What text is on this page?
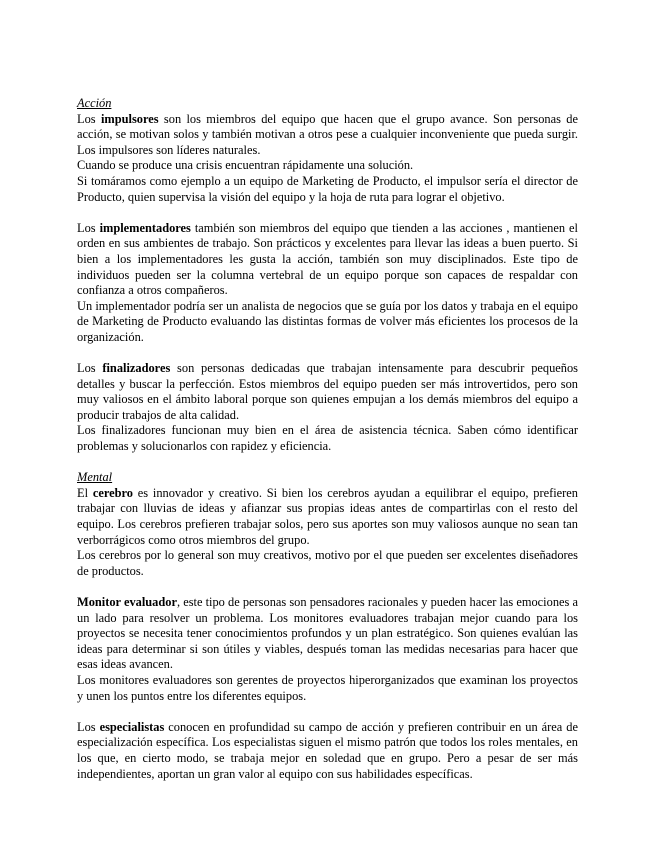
Acción

Los impulsores son los miembros del equipo que hacen que el grupo avance. Son personas de acción, se motivan solos y también motivan a otros pese a cualquier inconveniente que pueda surgir. Los impulsores son líderes naturales.

Cuando se produce una crisis encuentran rápidamente una solución.

Si tomáramos como ejemplo a un equipo de Marketing de Producto, el impulsor sería el director de Producto, quien supervisa la visión del equipo y la hoja de ruta para lograr el objetivo.

Los implementadores también son miembros del equipo que tienden a las acciones , mantienen el orden en sus ambientes de trabajo. Son prácticos y excelentes para llevar las ideas a buen puerto. Si bien a los implementadores les gusta la acción, también son muy disciplinados. Este tipo de individuos pueden ser la columna vertebral de un equipo porque son capaces de respaldar con confianza a otros compañeros.

Un implementador podría ser un analista de negocios que se guía por los datos y trabaja en el equipo de Marketing de Producto evaluando las distintas formas de volver más eficientes los procesos de la organización.

Los finalizadores son personas dedicadas que trabajan intensamente para descubrir pequeños detalles y buscar la perfección. Estos miembros del equipo pueden ser más introvertidos, pero son muy valiosos en el ámbito laboral porque son quienes empujan a los demás miembros del equipo a producir trabajos de alta calidad.

Los finalizadores funcionan muy bien en el área de asistencia técnica. Saben cómo identificar problemas y solucionarlos con rapidez y eficiencia.

Mental

El cerebro es innovador y creativo. Si bien los cerebros ayudan a equilibrar el equipo, prefieren trabajar con lluvias de ideas y afianzar sus propias ideas antes de compartirlas con el resto del equipo. Los cerebros prefieren trabajar solos, pero sus aportes son muy valiosos aunque no sean tan verborrágicos como otros miembros del grupo.

Los cerebros por lo general son muy creativos, motivo por el que pueden ser excelentes diseñadores de productos.

Monitor evaluador, este tipo de personas son pensadores racionales y pueden hacer las emociones a un lado para resolver un problema. Los monitores evaluadores trabajan mejor cuando para los proyectos se necesita tener conocimientos profundos y un plan estratégico. Son quienes evalúan las ideas para determinar si son útiles y viables, después toman las medidas necesarias para hacer que esas ideas avancen.

Los monitores evaluadores son gerentes de proyectos hiperorganizados que examinan los proyectos y unen los puntos entre los diferentes equipos.

Los especialistas conocen en profundidad su campo de acción y prefieren contribuir en un área de especialización específica. Los especialistas siguen el mismo patrón que todos los roles mentales, en los que, en cierto modo, se trabaja mejor en soledad que en grupo. Pero a pesar de ser más independientes, aportan un gran valor al equipo con sus habilidades específicas.
